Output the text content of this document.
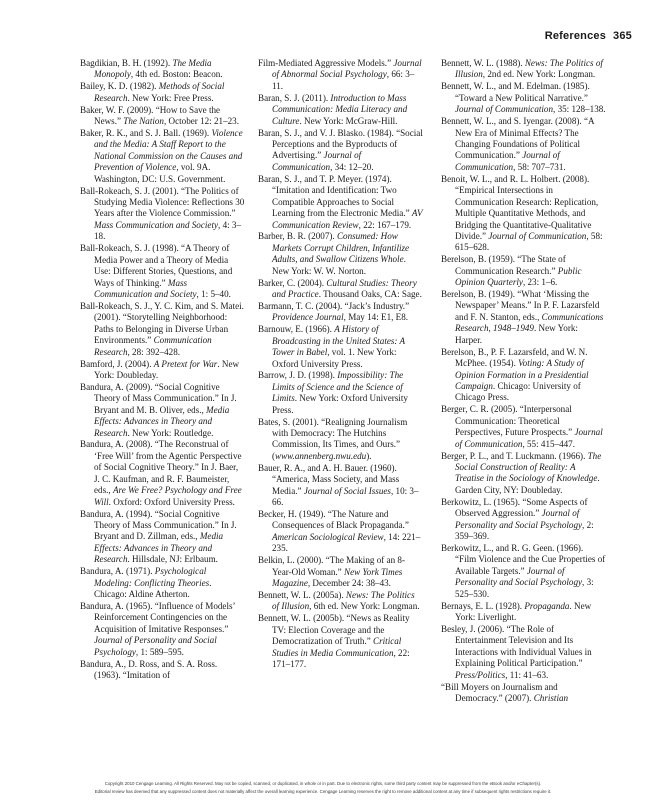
References 365
Bagdikian, B. H. (1992). The Media Monopoly, 4th ed. Boston: Beacon.
Bailey, K. D. (1982). Methods of Social Research. New York: Free Press.
Baker, W. F. (2009). “How to Save the News.” The Nation, October 12: 21–23.
Baker, R. K., and S. J. Ball. (1969). Violence and the Media: A Staff Report to the National Commission on the Causes and Prevention of Violence, vol. 9A. Washington, DC: U.S. Government.
Ball-Rokeach, S. J. (2001). “The Politics of Studying Media Violence: Reflections 30 Years after the Violence Commission.” Mass Communication and Society, 4: 3–18.
Ball-Rokeach, S. J. (1998). “A Theory of Media Power and a Theory of Media Use: Different Stories, Questions, and Ways of Thinking.” Mass Communication and Society, 1: 5–40.
Ball-Rokeach, S. J., Y. C. Kim, and S. Matei. (2001). “Storytelling Neighborhood: Paths to Belonging in Diverse Urban Environments.” Communication Research, 28: 392–428.
Bamford, J. (2004). A Pretext for War. New York: Doubleday.
Bandura, A. (2009). “Social Cognitive Theory of Mass Communication.” In J. Bryant and M. B. Oliver, eds., Media Effects: Advances in Theory and Research. New York: Routledge.
Bandura, A. (2008). “The Reconstrual of ‘Free Will’ from the Agentic Perspective of Social Cognitive Theory.” In J. Baer, J. C. Kaufman, and R. F. Baumeister, eds., Are We Free? Psychology and Free Will. Oxford: Oxford University Press.
Bandura, A. (1994). “Social Cognitive Theory of Mass Communication.” In J. Bryant and D. Zillman, eds., Media Effects: Advances in Theory and Research. Hillsdale, NJ: Erlbaum.
Bandura, A. (1971). Psychological Modeling: Conflicting Theories. Chicago: Aldine Atherton.
Bandura, A. (1965). “Influence of Models’ Reinforcement Contingencies on the Acquisition of Imitative Responses.” Journal of Personality and Social Psychology, 1: 589–595.
Bandura, A., D. Ross, and S. A. Ross. (1963). “Imitation of
Film-Mediated Aggressive Models.” Journal of Abnormal Social Psychology, 66: 3–11.
Baran, S. J. (2011). Introduction to Mass Communication: Media Literacy and Culture. New York: McGraw-Hill.
Baran, S. J., and V. J. Blasko. (1984). “Social Perceptions and the Byproducts of Advertising.” Journal of Communication, 34: 12–20.
Baran, S. J., and T. P. Meyer. (1974). “Imitation and Identification: Two Compatible Approaches to Social Learning from the Electronic Media.” AV Communication Review, 22: 167–179.
Barber, B. R. (2007). Consumed: How Markets Corrupt Children, Infantilize Adults, and Swallow Citizens Whole. New York: W. W. Norton.
Barker, C. (2004). Cultural Studies: Theory and Practice. Thousand Oaks, CA: Sage.
Barmann, T. C. (2004). “Jack’s Industry.” Providence Journal, May 14: E1, E8.
Barnouw, E. (1966). A History of Broadcasting in the United States: A Tower in Babel, vol. 1. New York: Oxford University Press.
Barrow, J. D. (1998). Impossibility: The Limits of Science and the Science of Limits. New York: Oxford University Press.
Bates, S. (2001). “Realigning Journalism with Democracy: The Hutchins Commission, Its Times, and Ours.” (www.annenberg.nwu.edu).
Bauer, R. A., and A. H. Bauer. (1960). “America, Mass Society, and Mass Media.” Journal of Social Issues, 10: 3–66.
Becker, H. (1949). “The Nature and Consequences of Black Propaganda.” American Sociological Review, 14: 221–235.
Belkin, L. (2000). “The Making of an 8-Year-Old Woman.” New York Times Magazine, December 24: 38–43.
Bennett, W. L. (2005a). News: The Politics of Illusion, 6th ed. New York: Longman.
Bennett, W. L. (2005b). “News as Reality TV: Election Coverage and the Democratization of Truth.” Critical Studies in Media Communication, 22: 171–177.
Bennett, W. L. (1988). News: The Politics of Illusion, 2nd ed. New York: Longman.
Bennett, W. L., and M. Edelman. (1985). “Toward a New Political Narrative.” Journal of Communication, 35: 128–138.
Bennett, W. L., and S. Iyengar. (2008). “A New Era of Minimal Effects? The Changing Foundations of Political Communication.” Journal of Communication, 58: 707–731.
Benoit, W. L., and R. L. Holbert. (2008). “Empirical Intersections in Communication Research: Replication, Multiple Quantitative Methods, and Bridging the Quantitative-Qualitative Divide.” Journal of Communication, 58: 615–628.
Berelson, B. (1959). “The State of Communication Research.” Public Opinion Quarterly, 23: 1–6.
Berelson, B. (1949). “What ‘Missing the Newspaper’ Means.” In P. F. Lazarsfeld and F. N. Stanton, eds., Communications Research, 1948–1949. New York: Harper.
Berelson, B., P. F. Lazarsfeld, and W. N. McPhee. (1954). Voting: A Study of Opinion Formation in a Presidential Campaign. Chicago: University of Chicago Press.
Berger, C. R. (2005). “Interpersonal Communication: Theoretical Perspectives, Future Prospects.” Journal of Communication, 55: 415–447.
Berger, P. L., and T. Luckmann. (1966). The Social Construction of Reality: A Treatise in the Sociology of Knowledge. Garden City, NY: Doubleday.
Berkowitz, L. (1965). “Some Aspects of Observed Aggression.” Journal of Personality and Social Psychology, 2: 359–369.
Berkowitz, L., and R. G. Geen. (1966). “Film Violence and the Cue Properties of Available Targets.” Journal of Personality and Social Psychology, 3: 525–530.
Bernays, E. L. (1928). Propaganda. New York: Liverlight.
Besley, J. (2006). “The Role of Entertainment Television and Its Interactions with Individual Values in Explaining Political Participation.” Press/Politics, 11: 41–63.
“Bill Moyers on Journalism and Democracy.” (2007). Christian
Copyright 2010 Cengage Learning. All Rights Reserved. May not be copied, scanned, or duplicated, in whole or in part. Due to electronic rights, some third party content may be suppressed from the eBook and/or eChapter(s).
Editorial review has deemed that any suppressed content does not materially affect the overall learning experience. Cengage Learning reserves the right to remove additional content at any time if subsequent rights restrictions require it.
